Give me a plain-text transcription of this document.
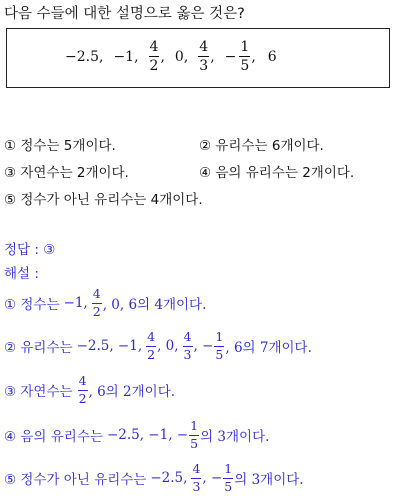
다음 수들에 대한 설명으로 옳은 것은?
−2.5, −1, $\frac{4}{2}$ , 0, $\frac{4}{3}$ , − $\frac{1}{5}$ , 6
① 정수는 5개이다.	② 유리수는 6개이다.
③ 자연수는 2개이다.	④ 음의 유리수는 2개이다.
⑤ 정수가 아닌 유리수는 4개이다.
정답 : ③
해설 :
① 정수는 −1, $\frac{4}{2}$ , 0, 6의 4개이다.
② 유리수는 −2.5, −1, $\frac{4}{2}$ , 0, $\frac{4}{3}$ , − $\frac{1}{5}$ , 6의 7개이다.
③ 자연수는 $\frac{4}{2}$ , 6의 2개이다.
④ 음의 유리수는 −2.5, −1, − $\frac{1}{5}$ 의 3개이다.
⑤ 정수가 아닌 유리수는 −2.5, $\frac{4}{3}$ , − $\frac{1}{5}$ 의 3개이다.
